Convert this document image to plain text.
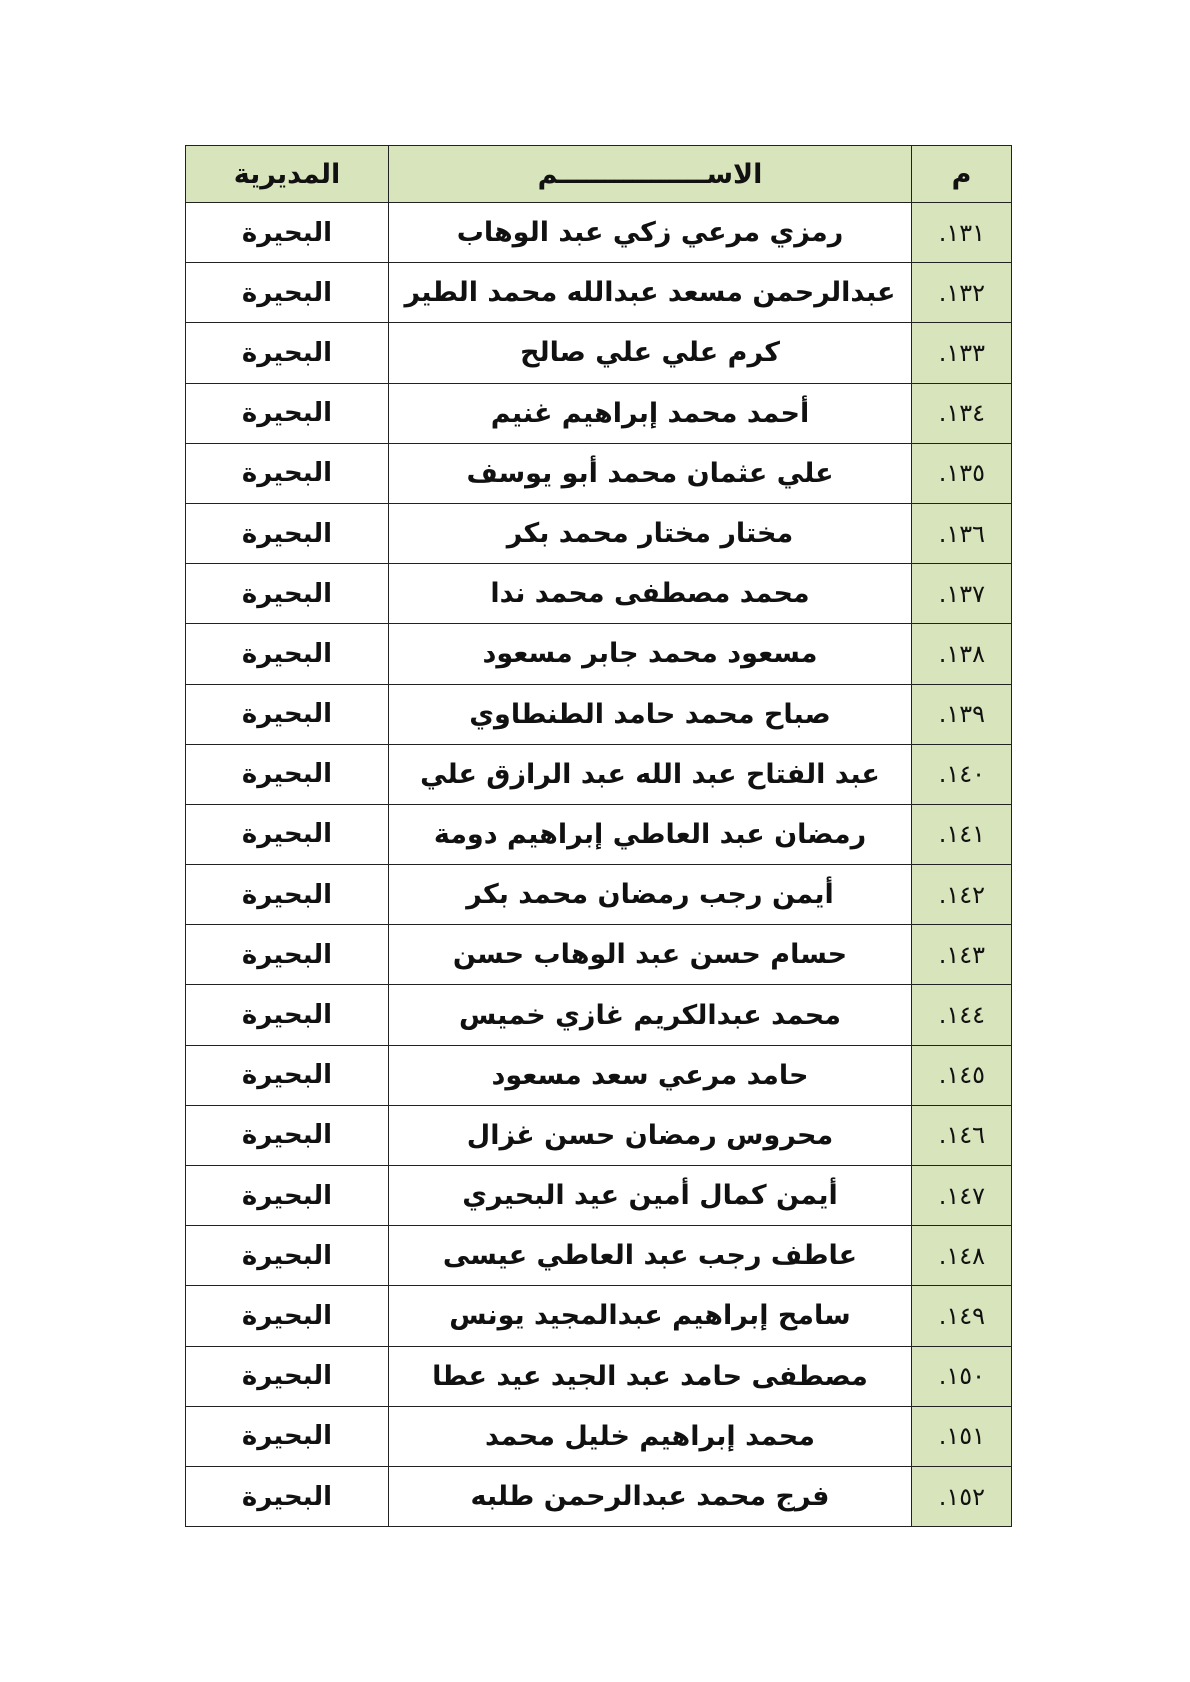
م	الاســــــــــــــــم	المديرية
١٣١.	رمزي مرعي زكي عبد الوهاب	البحيرة
١٣٢.	عبدالرحمن مسعد عبدالله محمد الطير	البحيرة
١٣٣.	كرم علي علي صالح	البحيرة
١٣٤.	أحمد محمد إبراهيم غنيم	البحيرة
١٣٥.	علي عثمان محمد أبو يوسف	البحيرة
١٣٦.	مختار مختار محمد بكر	البحيرة
١٣٧.	محمد مصطفى محمد ندا	البحيرة
١٣٨.	مسعود محمد جابر مسعود	البحيرة
١٣٩.	صباح محمد حامد الطنطاوي	البحيرة
١٤٠.	عبد الفتاح عبد الله عبد الرازق علي	البحيرة
١٤١.	رمضان عبد العاطي إبراهيم دومة	البحيرة
١٤٢.	أيمن رجب رمضان محمد بكر	البحيرة
١٤٣.	حسام حسن عبد الوهاب حسن	البحيرة
١٤٤.	محمد عبدالكريم غازي خميس	البحيرة
١٤٥.	حامد مرعي سعد مسعود	البحيرة
١٤٦.	محروس رمضان حسن غزال	البحيرة
١٤٧.	أيمن كمال أمين عيد البحيري	البحيرة
١٤٨.	عاطف رجب عبد العاطي عيسى	البحيرة
١٤٩.	سامح إبراهيم عبدالمجيد يونس	البحيرة
١٥٠.	مصطفى حامد عبد الجيد عيد عطا	البحيرة
١٥١.	محمد إبراهيم خليل محمد	البحيرة
١٥٢.	فرج محمد عبدالرحمن طلبه	البحيرة
